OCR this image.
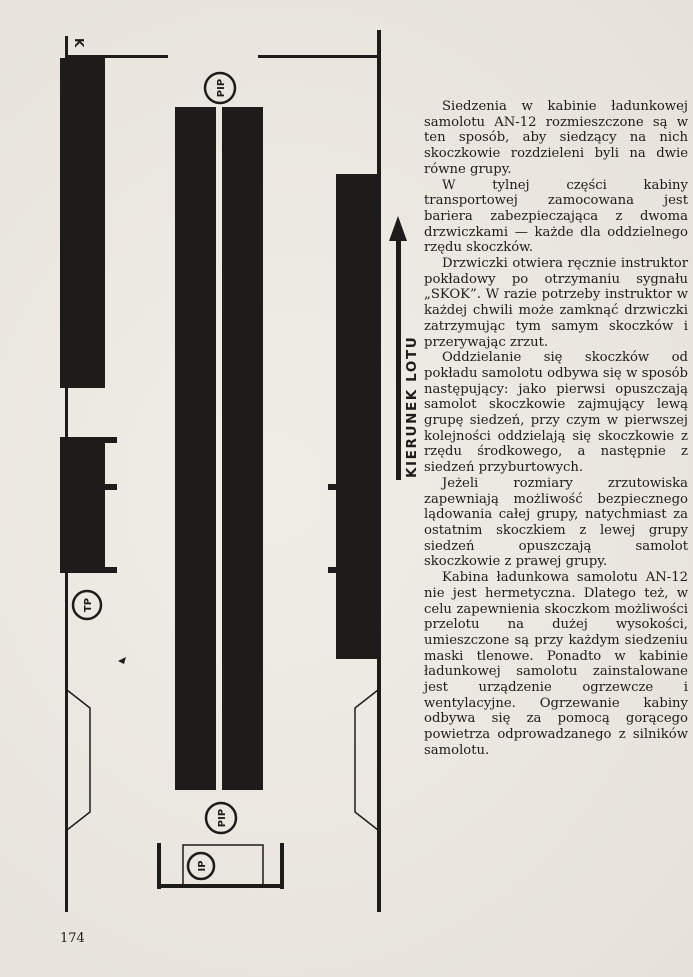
PIP
PIP
TP
IP
KIERUNEK LOTU

Siedzenia w kabinie ładunkowej samolotu AN-12 rozmieszczone są w ten sposób, aby siedzący na nich skoczkowie rozdzieleni byli na dwie równe grupy.

W tylnej części kabiny transportowej zamocowana jest bariera zabezpieczająca z dwoma drzwiczkami — każde dla oddzielnego rzędu skoczków.

Drzwiczki otwiera ręcznie instruktor pokładowy po otrzymaniu sygnału „SKOK”. W razie potrzeby instruktor w każdej chwili może zamknąć drzwiczki zatrzymując tym samym skoczków i przerywając zrzut.

Oddzielanie się skoczków od pokładu samolotu odbywa się w sposób następujący: jako pierwsi opuszczają samolot skoczkowie zajmujący lewą grupę siedzeń, przy czym w pierwszej kolejności oddzielają się skoczkowie z rzędu środkowego, a następnie z siedzeń przyburtowych.

Jeżeli rozmiary zrzutowiska zapewniają możliwość bezpiecznego lądowania całej grupy, natychmiast za ostatnim skoczkiem z lewej grupy siedzeń opuszczają samolot skoczkowie z prawej grupy.

Kabina ładunkowa samolotu AN-12 nie jest hermetyczna. Dlatego też, w celu zapewnienia skoczkom możliwości przelotu na dużej wysokości, umieszczone są przy każdym siedzeniu maski tlenowe. Ponadto w kabinie ładunkowej samolotu zainstalowane jest urządzenie ogrzewcze i wentylacyjne. Ogrzewanie kabiny odbywa się za pomocą gorącego powietrza odprowadzanego z silników samolotu.

174
